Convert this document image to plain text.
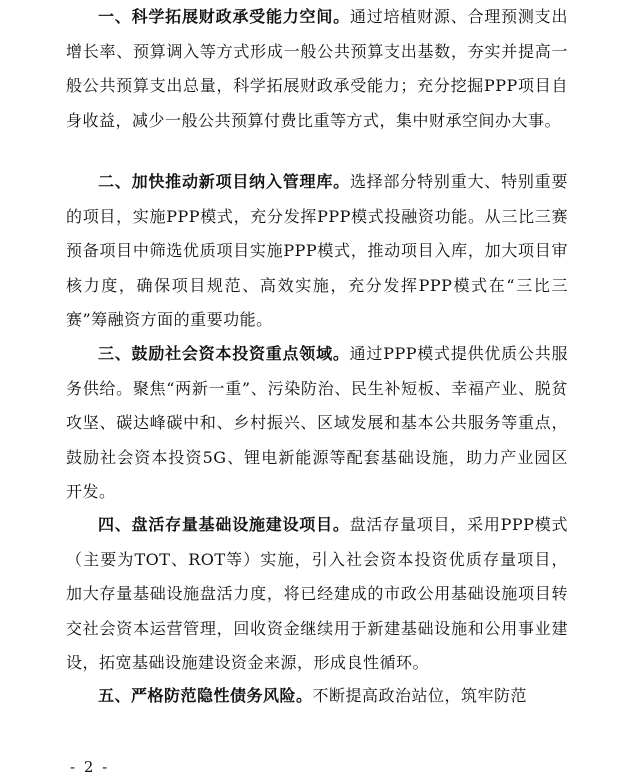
一、科学拓展财政承受能力空间。通过培植财源、合理预测支出增长率、预算调入等方式形成一般公共预算支出基数，夯实并提高一般公共预算支出总量，科学拓展财政承受能力；充分挖掘PPP项目自身收益，减少一般公共预算付费比重等方式，集中财承空间办大事。

二、加快推动新项目纳入管理库。选择部分特别重大、特别重要的项目，实施PPP模式，充分发挥PPP模式投融资功能。从三比三赛预备项目中筛选优质项目实施PPP模式，推动项目入库，加大项目审核力度，确保项目规范、高效实施，充分发挥PPP模式在“三比三赛”筹融资方面的重要功能。

三、鼓励社会资本投资重点领域。通过PPP模式提供优质公共服务供给。聚焦“两新一重”、污染防治、民生补短板、幸福产业、脱贫攻坚、碳达峰碳中和、乡村振兴、区域发展和基本公共服务等重点，鼓励社会资本投资5G、锂电新能源等配套基础设施，助力产业园区开发。

四、盘活存量基础设施建设项目。盘活存量项目，采用PPP模式（主要为TOT、ROT等）实施，引入社会资本投资优质存量项目，加大存量基础设施盘活力度，将已经建成的市政公用基础设施项目转交社会资本运营管理，回收资金继续用于新建基础设施和公用事业建设，拓宽基础设施建设资金来源，形成良性循环。

五、严格防范隐性债务风险。不断提高政治站位，筑牢防范

- 2 -
